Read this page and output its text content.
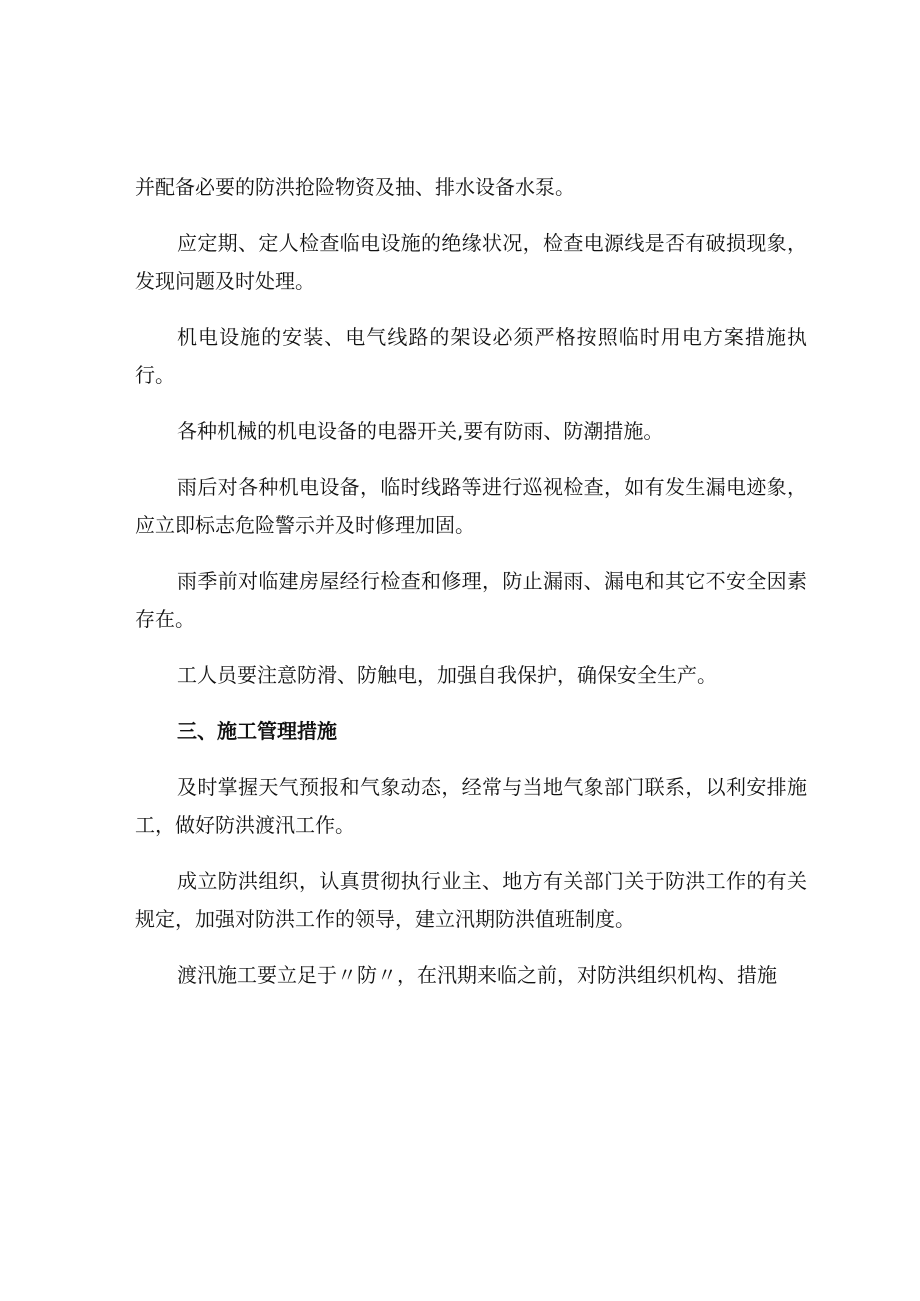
并配备必要的防洪抢险物资及抽、排水设备水泵。

应定期、定人检查临电设施的绝缘状况，检查电源线是否有破损现象，发现问题及时处理。

机电设施的安装、电气线路的架设必须严格按照临时用电方案措施执行。

各种机械的机电设备的电器开关,要有防雨、防潮措施。

雨后对各种机电设备，临时线路等进行巡视检查，如有发生漏电迹象，应立即标志危险警示并及时修理加固。

雨季前对临建房屋经行检查和修理，防止漏雨、漏电和其它不安全因素存在。

工人员要注意防滑、防触电，加强自我保护，确保安全生产。

三、施工管理措施

及时掌握天气预报和气象动态，经常与当地气象部门联系，以利安排施工，做好防洪渡汛工作。

成立防洪组织，认真贯彻执行业主、地方有关部门关于防洪工作的有关规定，加强对防洪工作的领导，建立汛期防洪值班制度。

渡汛施工要立足于〃防〃，在汛期来临之前，对防洪组织机构、措施
